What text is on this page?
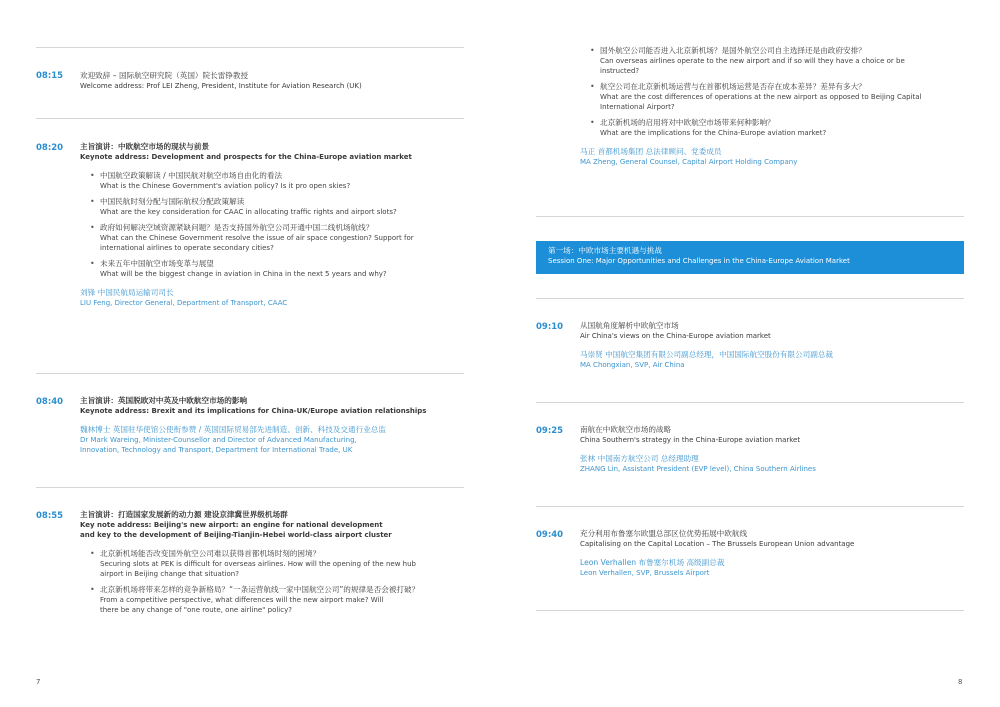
08:15 欢迎致辞 – 国际航空研究院（英国）院长雷铮教授
Welcome address: Prof LEI Zheng, President, Institute for Aviation Research (UK)
08:20 主旨演讲：中欧航空市场的现状与前景
Keynote address: Development and prospects for the China-Europe aviation market
• 中国航空政策解读 / 中国民航对航空市场自由化的看法
What is the Chinese Government's aviation policy? Is it pro open skies?
• 中国民航时刻分配与国际航权分配政策解读
What are the key consideration for CAAC in allocating traffic rights and airport slots?
• 政府如何解决空域资源紧缺问题？是否支持国外航空公司开通中国二线机场航线？
What can the Chinese Government resolve the issue of air space congestion? Support for international airlines to operate secondary cities?
• 未来五年中国航空市场变革与展望
What will be the biggest change in aviation in China in the next 5 years and why?
刘锋 中国民航局运输司司长
LIU Feng, Director General, Department of Transport, CAAC
08:40 主旨演讲：英国脱欧对中英及中欧航空市场的影响
Keynote address: Brexit and its implications for China-UK/Europe aviation relationships
魏林博士 英国驻华使馆公使衔参赞 / 英国国际贸易部先进制造、创新、科技及交通行业总监
Dr Mark Wareing, Minister-Counsellor and Director of Advanced Manufacturing, Innovation, Technology and Transport, Department for International Trade, UK
08:55 主旨演讲：打造国家发展新的动力源 建设京津冀世界级机场群
Key note address: Beijing's new airport: an engine for national development
and key to the development of Beijing-Tianjin-Hebei world-class airport cluster
• 北京新机场能否改变国外航空公司难以获得首都机场时刻的困境？
Securing slots at PEK is difficult for overseas airlines. How will the opening of the new hub airport in Beijing change that situation?
• 北京新机场将带来怎样的竞争新格局？“一条运营航线一家中国航空公司”的规律是否会被打破？
From a competitive perspective, what differences will the new airport make? Will there be any change of "one route, one airline" policy?
7
• 国外航空公司能否进入北京新机场？是国外航空公司自主选择还是由政府安排？
Can overseas airlines operate to the new airport and if so will they have a choice or be instructed?
• 航空公司在北京新机场运营与在首都机场运营是否存在成本差异？差异有多大？
What are the cost differences of operations at the new airport as opposed to Beijing Capital International Airport?
• 北京新机场的启用将对中欧航空市场带来何种影响？
What are the implications for the China-Europe aviation market?
马正 首都机场集团 总法律顾问、党委成员
MA Zheng, General Counsel, Capital Airport Holding Company
第一场：中欧市场主要机遇与挑战
Session One: Major Opportunities and Challenges in the China-Europe Aviation Market
09:10 从国航角度解析中欧航空市场
Air China's views on the China-Europe aviation market
马崇贤 中国航空集团有限公司副总经理，中国国际航空股份有限公司副总裁
MA Chongxian, SVP, Air China
09:25 南航在中欧航空市场的战略
China Southern's strategy in the China-Europe aviation market
张林 中国南方航空公司 总经理助理
ZHANG Lin, Assistant President (EVP level), China Southern Airlines
09:40 充分利用布鲁塞尔欧盟总部区位优势拓展中欧航线
Capitalising on the Capital Location – The Brussels European Union advantage
Leon Verhallen 布鲁塞尔机场 高级副总裁
Leon Verhallen, SVP, Brussels Airport
8
